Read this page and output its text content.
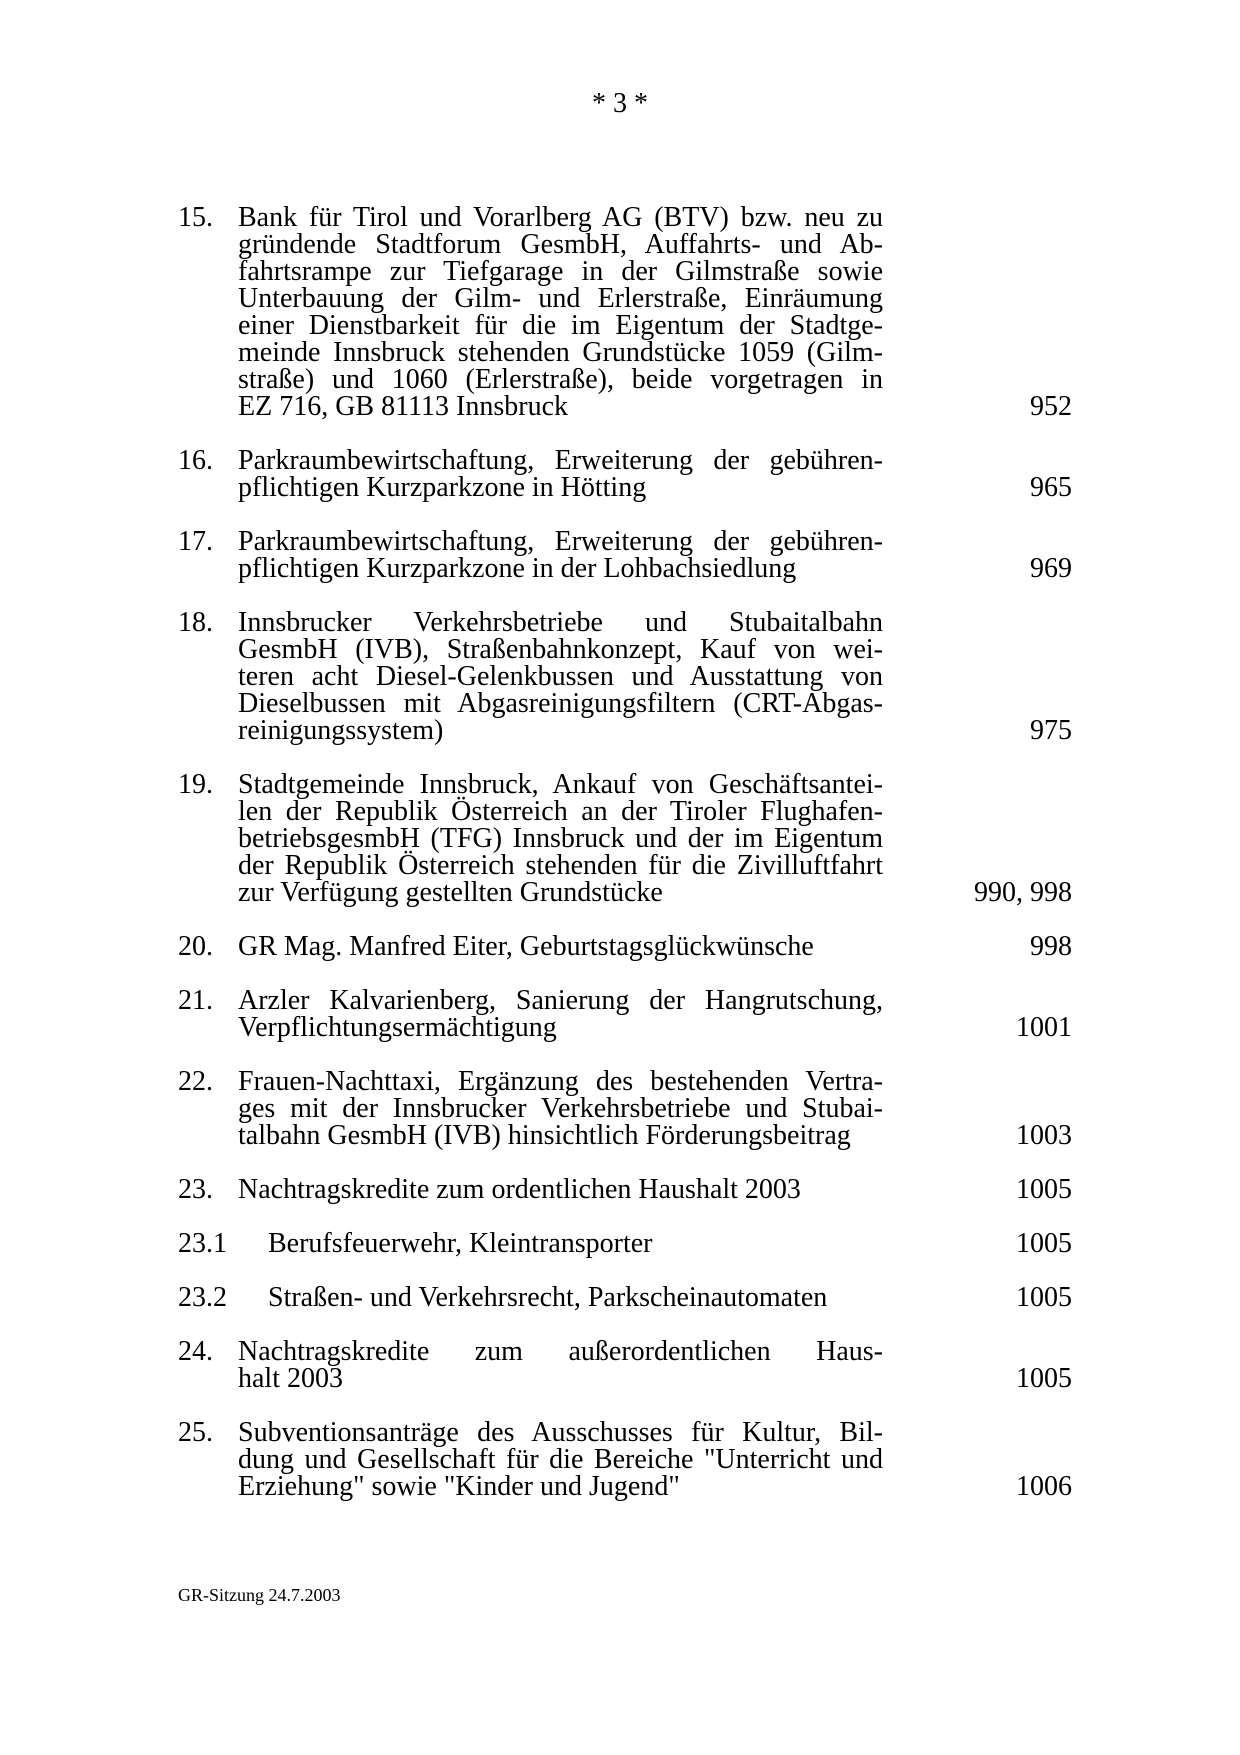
* 3 *
15. Bank für Tirol und Vorarlberg AG (BTV) bzw. neu zu
gründende Stadtforum GesmbH, Auffahrts- und Ab-
fahrtsrampe zur Tiefgarage in der Gilmstraße sowie
Unterbauung der Gilm- und Erlerstraße, Einräumung
einer Dienstbarkeit für die im Eigentum der Stadtge-
meinde Innsbruck stehenden Grundstücke 1059 (Gilm-
straße) und 1060 (Erlerstraße), beide vorgetragen in
EZ 716, GB 81113 Innsbruck	952
16. Parkraumbewirtschaftung, Erweiterung der gebühren-
pflichtigen Kurzparkzone in Hötting	965
17. Parkraumbewirtschaftung, Erweiterung der gebühren-
pflichtigen Kurzparkzone in der Lohbachsiedlung	969
18. Innsbrucker Verkehrsbetriebe und Stubaitalbahn
GesmbH (IVB), Straßenbahnkonzept, Kauf von wei-
teren acht Diesel-Gelenkbussen und Ausstattung von
Dieselbussen mit Abgasreinigungsfiltern (CRT-Abgas-
reinigungssystem)	975
19. Stadtgemeinde Innsbruck, Ankauf von Geschäftsantei-
len der Republik Österreich an der Tiroler Flughafen-
betriebsgesmbH (TFG) Innsbruck und der im Eigentum
der Republik Österreich stehenden für die Zivilluftfahrt
zur Verfügung gestellten Grundstücke	990, 998
20. GR Mag. Manfred Eiter, Geburtstagsglückwünsche	998
21. Arzler Kalvarienberg, Sanierung der Hangrutschung,
Verpflichtungsermächtigung	1001
22. Frauen-Nachttaxi, Ergänzung des bestehenden Vertra-
ges mit der Innsbrucker Verkehrsbetriebe und Stubai-
talbahn GesmbH (IVB) hinsichtlich Förderungsbeitrag	1003
23. Nachtragskredite zum ordentlichen Haushalt 2003	1005
23.1	Berufsfeuerwehr, Kleintransporter	1005
23.2	Straßen- und Verkehrsrecht, Parkscheinautomaten	1005
24. Nachtragskredite zum außerordentlichen Haus-
halt 2003	1005
25. Subventionsanträge des Ausschusses für Kultur, Bil-
dung und Gesellschaft für die Bereiche "Unterricht und
Erziehung" sowie "Kinder und Jugend"	1006
GR-Sitzung 24.7.2003
